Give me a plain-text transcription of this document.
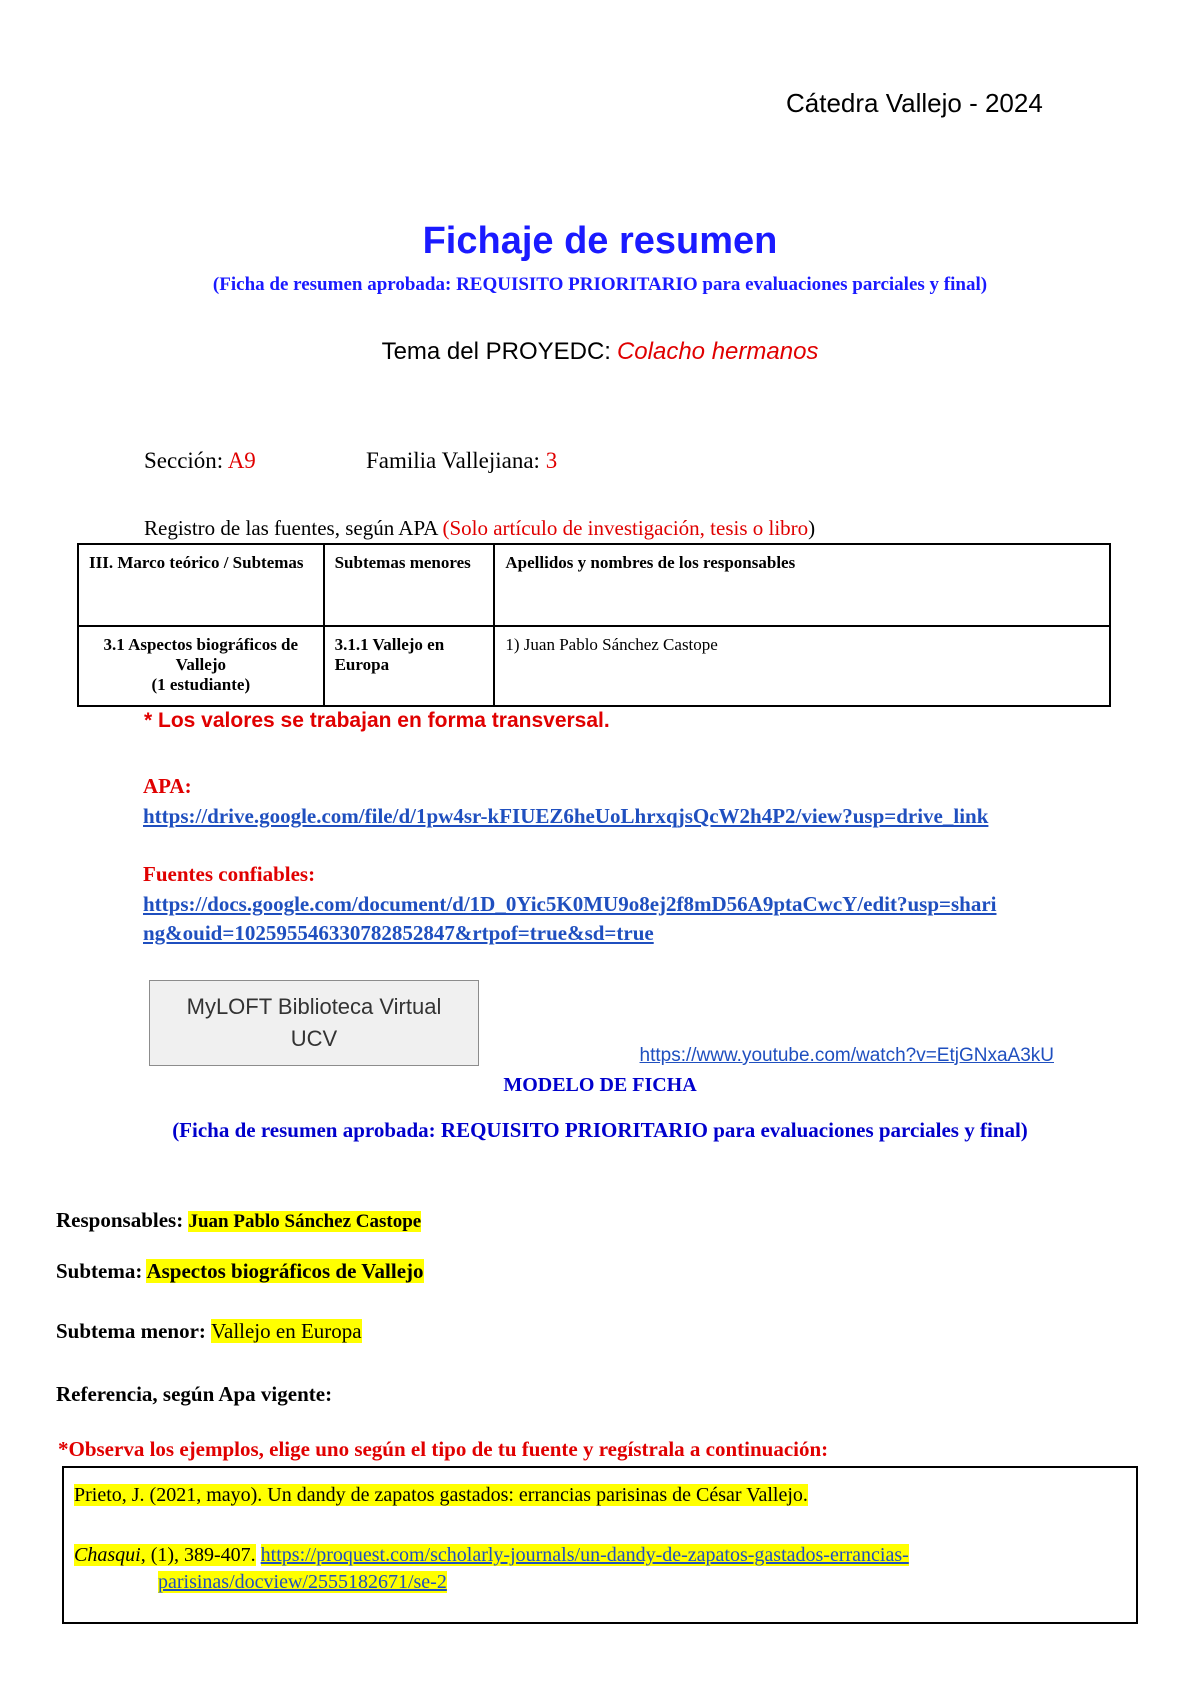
Cátedra Vallejo - 2024
Fichaje de resumen
(Ficha de resumen aprobada: REQUISITO PRIORITARIO para evaluaciones parciales y final)
Tema del PROYEDC: Colacho hermanos
Sección: A9	Familia Vallejiana: 3
Registro de las fuentes, según APA (Solo artículo de investigación, tesis o libro)
III. Marco teórico / Subtemas	Subtemas menores	Apellidos y nombres de los responsables

3.1 Aspectos biográficos de Vallejo
(1 estudiante)	3.1.1 Vallejo en Europa	1) Juan Pablo Sánchez Castope
* Los valores se trabajan en forma transversal.
APA:
https://drive.google.com/file/d/1pw4sr-kFIUEZ6heUoLhrxqjsQcW2h4P2/view?usp=drive_link
Fuentes confiables:
https://docs.google.com/document/d/1D_0Yic5K0MU9o8ej2f8mD56A9ptaCwcY/edit?usp=sharing&ouid=102595546330782852847&rtpof=true&sd=true
MyLOFT Biblioteca Virtual
UCV
https://www.youtube.com/watch?v=EtjGNxaA3kU
MODELO DE FICHA
(Ficha de resumen aprobada: REQUISITO PRIORITARIO para evaluaciones parciales y final)
Responsables: Juan Pablo Sánchez Castope
Subtema: Aspectos biográficos de Vallejo
Subtema menor: Vallejo en Europa
Referencia, según Apa vigente:
*Observa los ejemplos, elige uno según el tipo de tu fuente y regístrala a continuación:
Prieto, J. (2021, mayo). Un dandy de zapatos gastados: errancias parisinas de César Vallejo.
Chasqui, (1), 389-407. https://proquest.com/scholarly-journals/un-dandy-de-zapatos-gastados-errancias-
parisinas/docview/2555182671/se-2
